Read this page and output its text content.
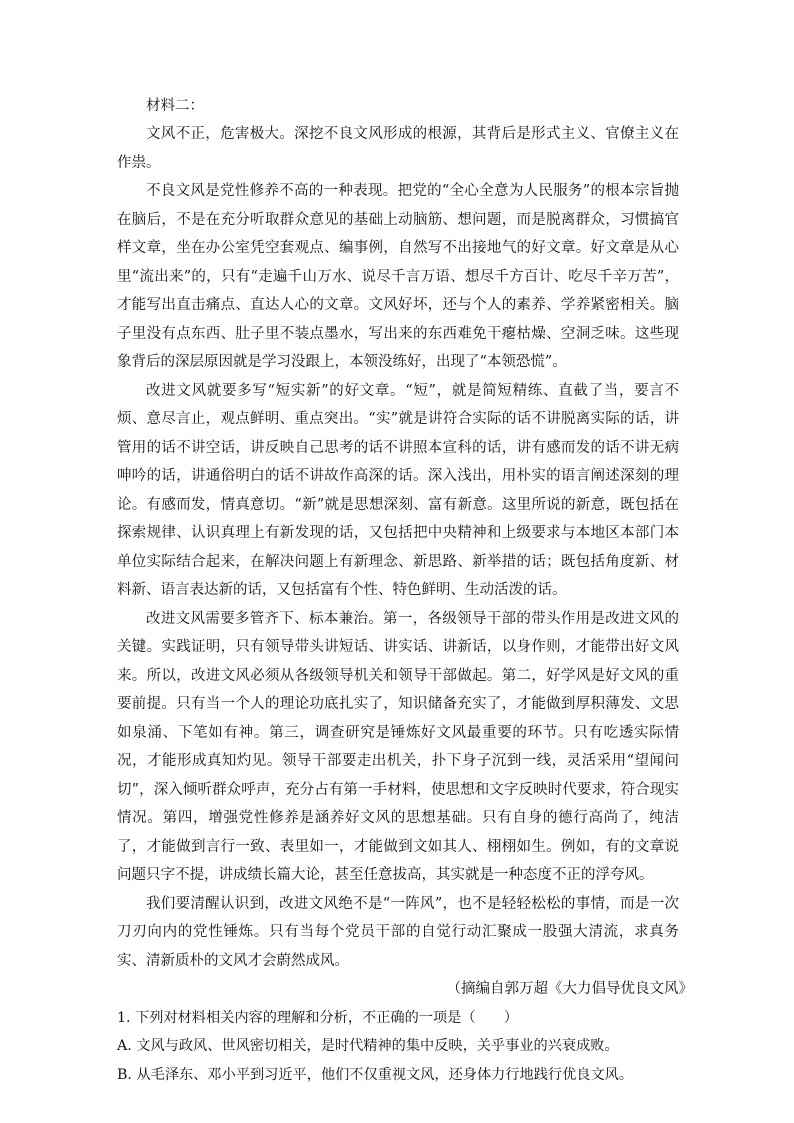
材料二：

文风不正，危害极大。深挖不良文风形成的根源，其背后是形式主义、官僚主义在作祟。

不良文风是党性修养不高的一种表现。把党的“全心全意为人民服务”的根本宗旨抛在脑后，不是在充分听取群众意见的基础上动脑筋、想问题，而是脱离群众，习惯搞官样文章，坐在办公室凭空套观点、编事例，自然写不出接地气的好文章。好文章是从心里“流出来”的，只有“走遍千山万水、说尽千言万语、想尽千方百计、吃尽千辛万苦”，才能写出直击痛点、直达人心的文章。文风好坏，还与个人的素养、学养紧密相关。脑子里没有点东西、肚子里不装点墨水，写出来的东西难免干瘪枯燥、空洞乏味。这些现象背后的深层原因就是学习没跟上，本领没练好，出现了“本领恐慌”。

改进文风就要多写“短实新”的好文章。“短”，就是简短精练、直截了当，要言不烦、意尽言止，观点鲜明、重点突出。“实”就是讲符合实际的话不讲脱离实际的话，讲管用的话不讲空话，讲反映自己思考的话不讲照本宣科的话，讲有感而发的话不讲无病呻吟的话，讲通俗明白的话不讲故作高深的话。深入浅出，用朴实的语言阐述深刻的理论。有感而发，情真意切。“新”就是思想深刻、富有新意。这里所说的新意，既包括在探索规律、认识真理上有新发现的话，又包括把中央精神和上级要求与本地区本部门本单位实际结合起来，在解决问题上有新理念、新思路、新举措的话；既包括角度新、材料新、语言表达新的话，又包括富有个性、特色鲜明、生动活泼的话。

改进文风需要多管齐下、标本兼治。第一，各级领导干部的带头作用是改进文风的关键。实践证明，只有领导带头讲短话、讲实话、讲新话，以身作则，才能带出好文风来。所以，改进文风必须从各级领导机关和领导干部做起。第二，好学风是好文风的重要前提。只有当一个人的理论功底扎实了，知识储备充实了，才能做到厚积薄发、文思如泉涌、下笔如有神。第三，调查研究是锤炼好文风最重要的环节。只有吃透实际情况，才能形成真知灼见。领导干部要走出机关，扑下身子沉到一线，灵活采用“望闻问切”，深入倾听群众呼声，充分占有第一手材料，使思想和文字反映时代要求，符合现实情况。第四，增强党性修养是涵养好文风的思想基础。只有自身的德行高尚了，纯洁了，才能做到言行一致、表里如一，才能做到文如其人、栩栩如生。例如，有的文章说问题只字不提，讲成绩长篇大论，甚至任意拔高，其实就是一种态度不正的浮夸风。

我们要清醒认识到，改进文风绝不是“一阵风”，也不是轻轻松松的事情，而是一次刀刃向内的党性锤炼。只有当每个党员干部的自觉行动汇聚成一股强大清流，求真务实、清新质朴的文风才会蔚然成风。

（摘编自郭万超《大力倡导优良文风》

1. 下列对材料相关内容的理解和分析，不正确的一项是（　　）

A. 文风与政风、世风密切相关，是时代精神的集中反映，关乎事业的兴衰成败。

B. 从毛泽东、邓小平到习近平，他们不仅重视文风，还身体力行地践行优良文风。
